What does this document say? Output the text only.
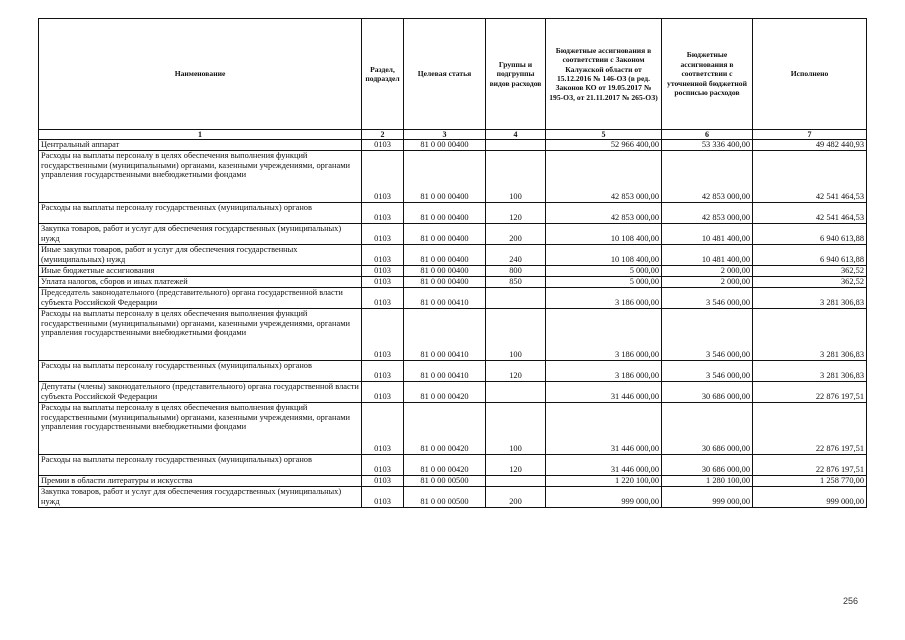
Наименование	Раздел, подраздел	Целевая статья	Группы и подгруппы видов расходов	Бюджетные ассигнования в соответствии с Законом Калужской области от 15.12.2016 № 146-ОЗ (в ред. Законов КО от 19.05.2017 № 195-ОЗ, от 21.11.2017 № 265-ОЗ)	Бюджетные ассигнования в соответствии с уточненной бюджетной росписью расходов	Исполнено
1	2	3	4	5	6	7
Центральный аппарат	0103	81 0 00 00400		52 966 400,00	53 336 400,00	49 482 440,93
Расходы на выплаты персоналу в целях обеспечения выполнения функций государственными (муниципальными) органами, казенными учреждениями, органами управления государственными внебюджетными фондами	0103	81 0 00 00400	100	42 853 000,00	42 853 000,00	42 541 464,53
Расходы на выплаты персоналу государственных (муниципальных) органов	0103	81 0 00 00400	120	42 853 000,00	42 853 000,00	42 541 464,53
Закупка товаров, работ и услуг для обеспечения государственных (муниципальных) нужд	0103	81 0 00 00400	200	10 108 400,00	10 481 400,00	6 940 613,88
Иные закупки товаров, работ и услуг для обеспечения государственных (муниципальных) нужд	0103	81 0 00 00400	240	10 108 400,00	10 481 400,00	6 940 613,88
Иные бюджетные ассигнования	0103	81 0 00 00400	800	5 000,00	2 000,00	362,52
Уплата налогов, сборов и иных платежей	0103	81 0 00 00400	850	5 000,00	2 000,00	362,52
Председатель законодательного (представительного) органа государственной власти субъекта Российской Федерации	0103	81 0 00 00410		3 186 000,00	3 546 000,00	3 281 306,83
Расходы на выплаты персоналу в целях обеспечения выполнения функций государственными (муниципальными) органами, казенными учреждениями, органами управления государственными внебюджетными фондами	0103	81 0 00 00410	100	3 186 000,00	3 546 000,00	3 281 306,83
Расходы на выплаты персоналу государственных (муниципальных) органов	0103	81 0 00 00410	120	3 186 000,00	3 546 000,00	3 281 306,83
Депутаты (члены) законодательного (представительного) органа государственной власти субъекта Российской Федерации	0103	81 0 00 00420		31 446 000,00	30 686 000,00	22 876 197,51
Расходы на выплаты персоналу в целях обеспечения выполнения функций государственными (муниципальными) органами, казенными учреждениями, органами управления государственными внебюджетными фондами	0103	81 0 00 00420	100	31 446 000,00	30 686 000,00	22 876 197,51
Расходы на выплаты персоналу государственных (муниципальных) органов	0103	81 0 00 00420	120	31 446 000,00	30 686 000,00	22 876 197,51
Премии в области литературы и искусства	0103	81 0 00 00500		1 220 100,00	1 280 100,00	1 258 770,00
Закупка товаров, работ и услуг для обеспечения государственных (муниципальных) нужд	0103	81 0 00 00500	200	999 000,00	999 000,00	999 000,00
256
